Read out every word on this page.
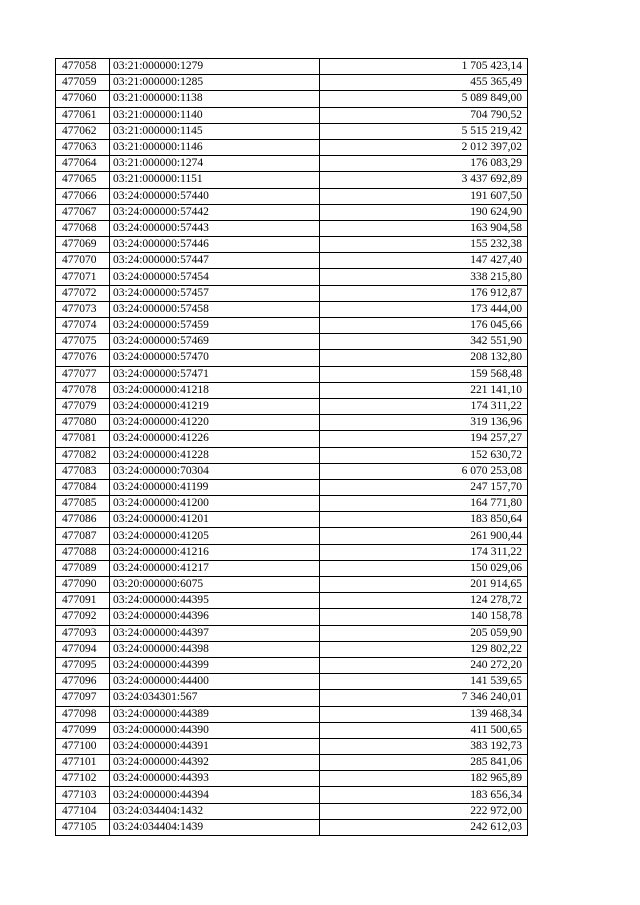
477058	03:21:000000:1279	1 705 423,14
477059	03:21:000000:1285	455 365,49
477060	03:21:000000:1138	5 089 849,00
477061	03:21:000000:1140	704 790,52
477062	03:21:000000:1145	5 515 219,42
477063	03:21:000000:1146	2 012 397,02
477064	03:21:000000:1274	176 083,29
477065	03:21:000000:1151	3 437 692,89
477066	03:24:000000:57440	191 607,50
477067	03:24:000000:57442	190 624,90
477068	03:24:000000:57443	163 904,58
477069	03:24:000000:57446	155 232,38
477070	03:24:000000:57447	147 427,40
477071	03:24:000000:57454	338 215,80
477072	03:24:000000:57457	176 912,87
477073	03:24:000000:57458	173 444,00
477074	03:24:000000:57459	176 045,66
477075	03:24:000000:57469	342 551,90
477076	03:24:000000:57470	208 132,80
477077	03:24:000000:57471	159 568,48
477078	03:24:000000:41218	221 141,10
477079	03:24:000000:41219	174 311,22
477080	03:24:000000:41220	319 136,96
477081	03:24:000000:41226	194 257,27
477082	03:24:000000:41228	152 630,72
477083	03:24:000000:70304	6 070 253,08
477084	03:24:000000:41199	247 157,70
477085	03:24:000000:41200	164 771,80
477086	03:24:000000:41201	183 850,64
477087	03:24:000000:41205	261 900,44
477088	03:24:000000:41216	174 311,22
477089	03:24:000000:41217	150 029,06
477090	03:20:000000:6075	201 914,65
477091	03:24:000000:44395	124 278,72
477092	03:24:000000:44396	140 158,78
477093	03:24:000000:44397	205 059,90
477094	03:24:000000:44398	129 802,22
477095	03:24:000000:44399	240 272,20
477096	03:24:000000:44400	141 539,65
477097	03:24:034301:567	7 346 240,01
477098	03:24:000000:44389	139 468,34
477099	03:24:000000:44390	411 500,65
477100	03:24:000000:44391	383 192,73
477101	03:24:000000:44392	285 841,06
477102	03:24:000000:44393	182 965,89
477103	03:24:000000:44394	183 656,34
477104	03:24:034404:1432	222 972,00
477105	03:24:034404:1439	242 612,03
